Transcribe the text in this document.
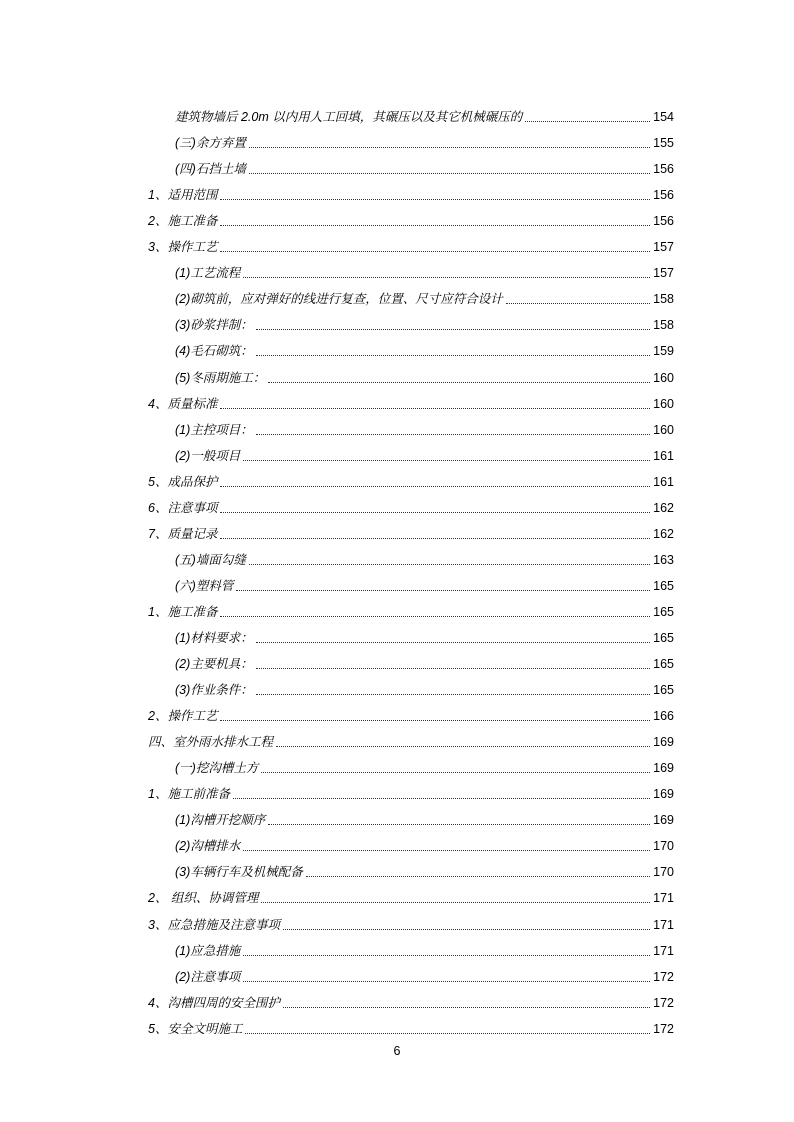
建筑物墙后 2.0m 以内用人工回填，其碾压以及其它机械碾压的	154
(三)余方弃置	155
(四)石挡土墙	156
1、适用范围	156
2、施工准备	156
3、操作工艺	157
(1)工艺流程	157
(2)砌筑前，应对弹好的线进行复查，位置、尺寸应符合设计	158
(3)砂浆拌制：	158
(4)毛石砌筑：	159
(5)冬雨期施工：	160
4、质量标准	160
(1)主控项目：	160
(2)一般项目	161
5、成品保护	161
6、注意事项	162
7、质量记录	162
(五)墙面勾缝	163
(六)塑料管	165
1、施工准备	165
(1)材料要求：	165
(2)主要机具：	165
(3)作业条件：	165
2、操作工艺	166
四、室外雨水排水工程	169
(一)挖沟槽土方	169
1、施工前准备	169
(1)沟槽开挖顺序	169
(2)沟槽排水	170
(3)车辆行车及机械配备	170
2、 组织、协调管理	171
3、应急措施及注意事项	171
(1)应急措施	171
(2)注意事项	172
4、沟槽四周的安全围护	172
5、安全文明施工	172
6
